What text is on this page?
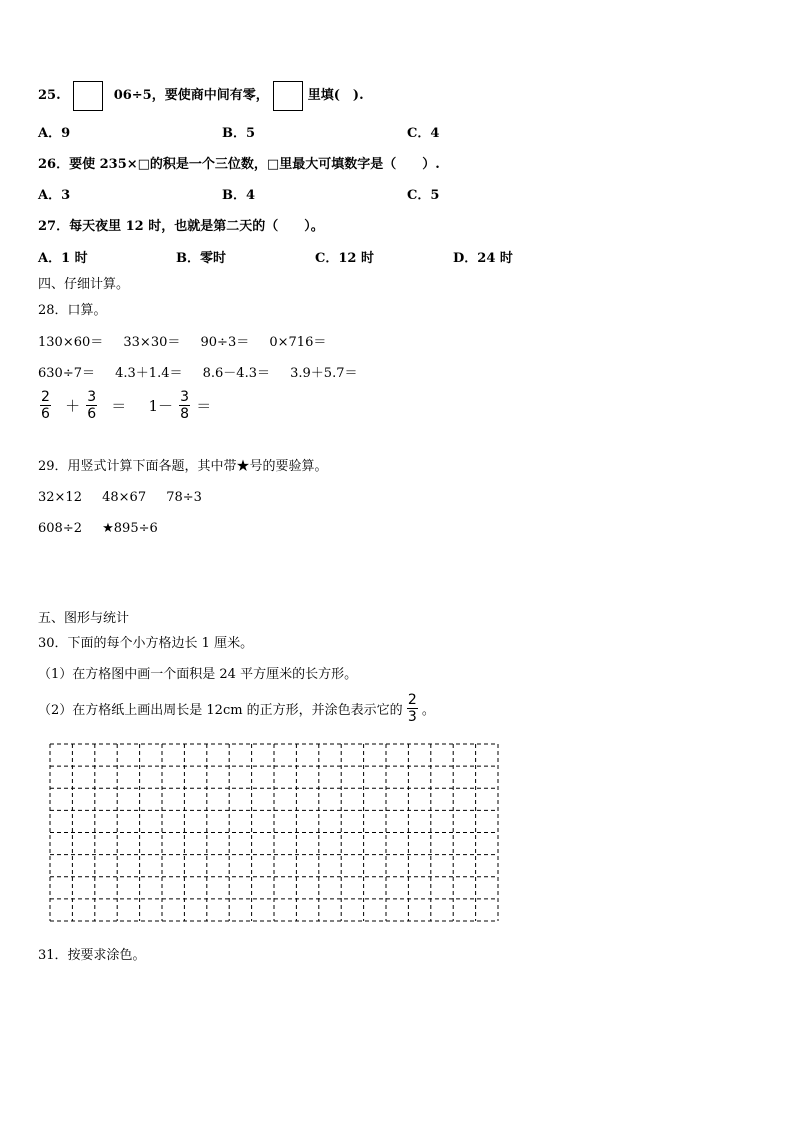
25.	06÷5，要使商中间有零，	里填(　).
A．9	B．5	C．4
26．要使 235×□的积是一个三位数，□里最大可填数字是（　　）.
A．3	B．4	C．5
27．每天夜里 12 时，也就是第二天的（　　）。
A．1 时	B．零时	C．12 时	D．24 时
四、仔细计算。
28．口算。
130×60＝ 33×30＝ 90÷3＝ 0×716＝
630÷7＝ 4.3＋1.4＝ 8.6－4.3＝ 3.9＋5.7＝
$\frac{2}{6} + \frac{3}{6} = 1- \frac{3}{8}$ ＝
29．用竖式计算下面各题，其中带★号的要验算。
32×12 48×67 78÷3
608÷2 ★895÷6
五、图形与统计
30．下面的每个小方格边长 1 厘米。
（1）在方格图中画一个面积是 24 平方厘米的长方形。
（2）在方格纸上画出周长是 12cm 的正方形，并涂色表示它的 $\frac{2}{3}$ 。
31．按要求涂色。
